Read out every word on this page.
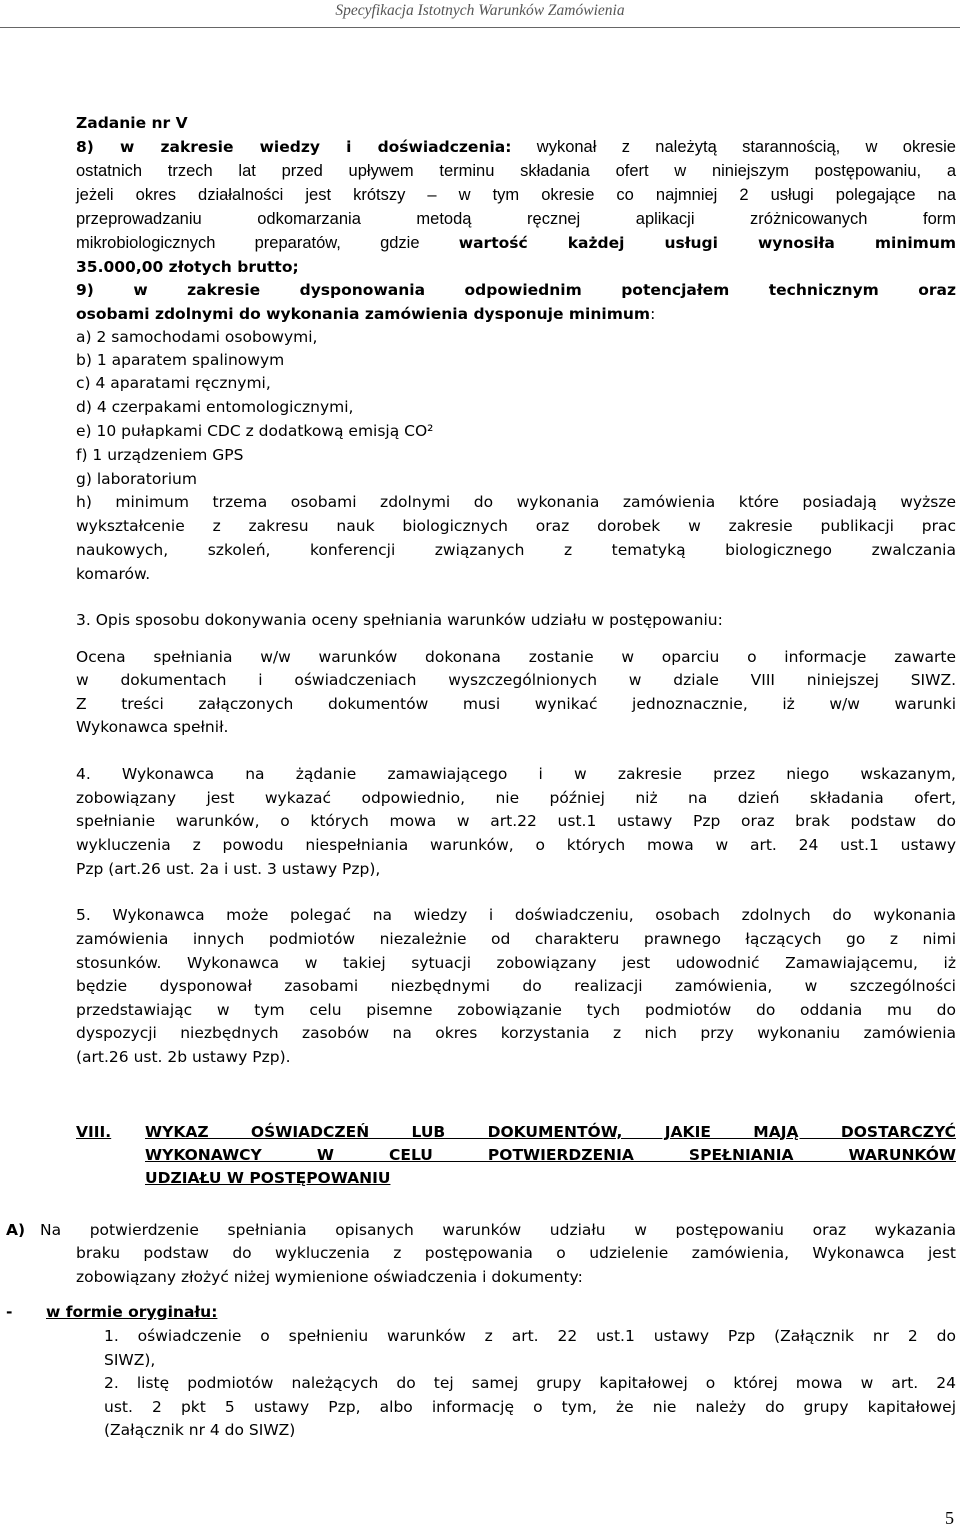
Specyfikacja Istotnych Warunków Zamówienia
Zadanie nr V
8) w zakresie wiedzy i doświadczenia: wykonał z należytą starannością, w okresie
ostatnich trzech lat przed upływem terminu składania ofert w niniejszym postępowaniu, a
jeżeli okres działalności jest krótszy – w tym okresie co najmniej 2 usługi polegające na
przeprowadzaniu odkomarzania metodą ręcznej aplikacji zróżnicowanych form
mikrobiologicznych preparatów, gdzie wartość każdej usługi wynosiła minimum
35.000,00 złotych brutto;
9) w zakresie dysponowania odpowiednim potencjałem technicznym oraz
osobami zdolnymi do wykonania zamówienia dysponuje minimum:
a) 2 samochodami osobowymi,
b) 1 aparatem spalinowym
c) 4 aparatami ręcznymi,
d) 4 czerpakami entomologicznymi,
e) 10 pułapkami CDC z dodatkową emisją CO²
f) 1 urządzeniem GPS
g) laboratorium
h) minimum trzema osobami zdolnymi do wykonania zamówienia które posiadają wyższe
wykształcenie z zakresu nauk biologicznych oraz dorobek w zakresie publikacji prac
naukowych, szkoleń, konferencji związanych z tematyką biologicznego zwalczania
komarów.
3. Opis sposobu dokonywania oceny spełniania warunków udziału w postępowaniu:
Ocena spełniania w/w warunków dokonana zostanie w oparciu o informacje zawarte
w dokumentach i oświadczeniach wyszczególnionych w dziale VIII niniejszej SIWZ.
Z treści załączonych dokumentów musi wynikać jednoznacznie, iż w/w warunki
Wykonawca spełnił.
4. Wykonawca na żądanie zamawiającego i w zakresie przez niego wskazanym,
zobowiązany jest wykazać odpowiednio, nie później niż na dzień składania ofert,
spełnianie warunków, o których mowa w art.22 ust.1 ustawy Pzp oraz brak podstaw do
wykluczenia z powodu niespełniania warunków, o których mowa w art. 24 ust.1 ustawy
Pzp (art.26 ust. 2a i ust. 3 ustawy Pzp),
5. Wykonawca może polegać na wiedzy i doświadczeniu, osobach zdolnych do wykonania
zamówienia innych podmiotów niezależnie od charakteru prawnego łączących go z nimi
stosunków. Wykonawca w takiej sytuacji zobowiązany jest udowodnić Zamawiającemu, iż
będzie dysponował zasobami niezbędnymi do realizacji zamówienia, w szczególności
przedstawiając w tym celu pisemne zobowiązanie tych podmiotów do oddania mu do
dyspozycji niezbędnych zasobów na okres korzystania z nich przy wykonaniu zamówienia
(art.26 ust. 2b ustawy Pzp).
VIII. WYKAZ OŚWIADCZEŃ LUB DOKUMENTÓW, JAKIE MAJĄ DOSTARCZYĆ
WYKONAWCY W CELU POTWIERDZENIA SPEŁNIANIA WARUNKÓW
UDZIAŁU W POSTĘPOWANIU
A) Na potwierdzenie spełniania opisanych warunków udziału w postępowaniu oraz wykazania
braku podstaw do wykluczenia z postępowania o udzielenie zamówienia, Wykonawca jest
zobowiązany złożyć niżej wymienione oświadczenia i dokumenty:
- w formie oryginału:
1. oświadczenie o spełnieniu warunków z art. 22 ust.1 ustawy Pzp (Załącznik nr 2 do
SIWZ),
2. listę podmiotów należących do tej samej grupy kapitałowej o której mowa w art. 24
ust. 2 pkt 5 ustawy Pzp, albo informację o tym, że nie należy do grupy kapitałowej
(Załącznik nr 4 do SIWZ)
5
